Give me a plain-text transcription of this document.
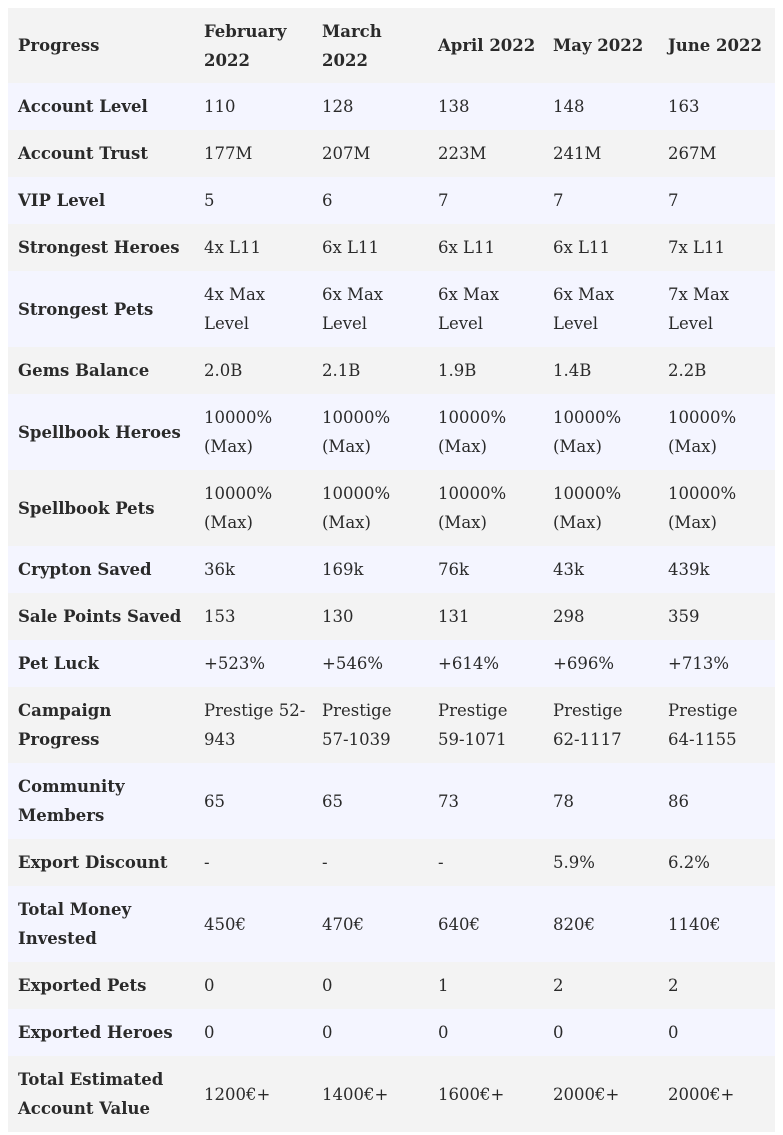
Progress	February 2022	March 2022	April 2022	May 2022	June 2022
Account Level	110	128	138	148	163
Account Trust	177M	207M	223M	241M	267M
VIP Level	5	6	7	7	7
Strongest Heroes	4x L11	6x L11	6x L11	6x L11	7x L11
Strongest Pets	4x Max Level	6x Max Level	6x Max Level	6x Max Level	7x Max Level
Gems Balance	2.0B	2.1B	1.9B	1.4B	2.2B
Spellbook Heroes	10000% (Max)	10000% (Max)	10000% (Max)	10000% (Max)	10000% (Max)
Spellbook Pets	10000% (Max)	10000% (Max)	10000% (Max)	10000% (Max)	10000% (Max)
Crypton Saved	36k	169k	76k	43k	439k
Sale Points Saved	153	130	131	298	359
Pet Luck	+523%	+546%	+614%	+696%	+713%
Campaign Progress	Prestige 52-943	Prestige 57-1039	Prestige 59-1071	Prestige 62-1117	Prestige 64-1155
Community Members	65	65	73	78	86
Export Discount	-	-	-	5.9%	6.2%
Total Money Invested	450€	470€	640€	820€	1140€
Exported Pets	0	0	1	2	2
Exported Heroes	0	0	0	0	0
Total Estimated Account Value	1200€+	1400€+	1600€+	2000€+	2000€+
